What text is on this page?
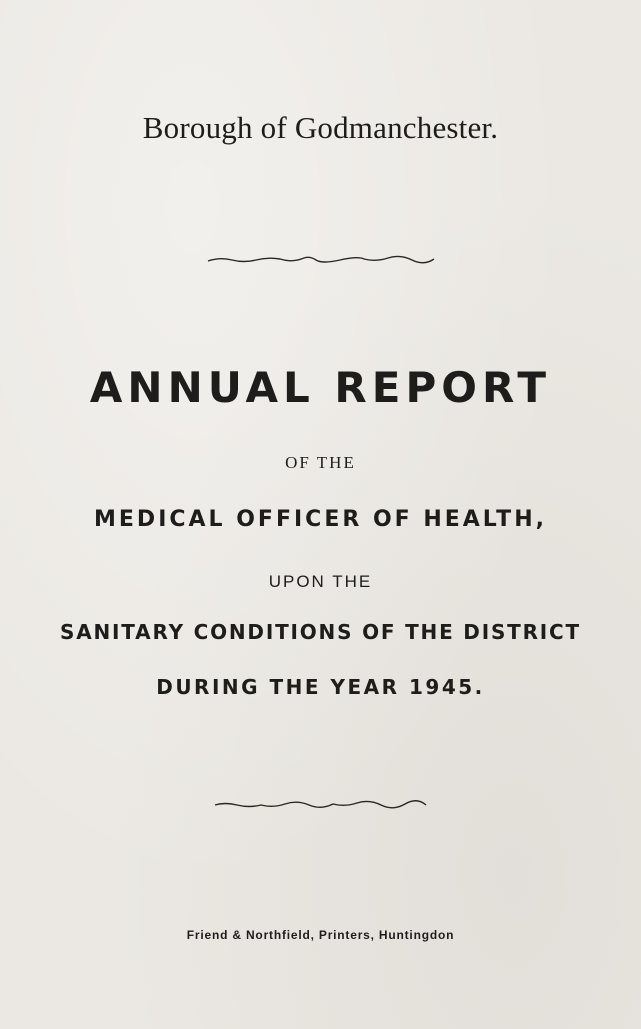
Borough of Godmanchester.
ANNUAL REPORT
OF THE
MEDICAL OFFICER OF HEALTH,
UPON THE
SANITARY CONDITIONS OF THE DISTRICT
DURING THE YEAR 1945.
Friend & Northfield, Printers, Huntingdon
